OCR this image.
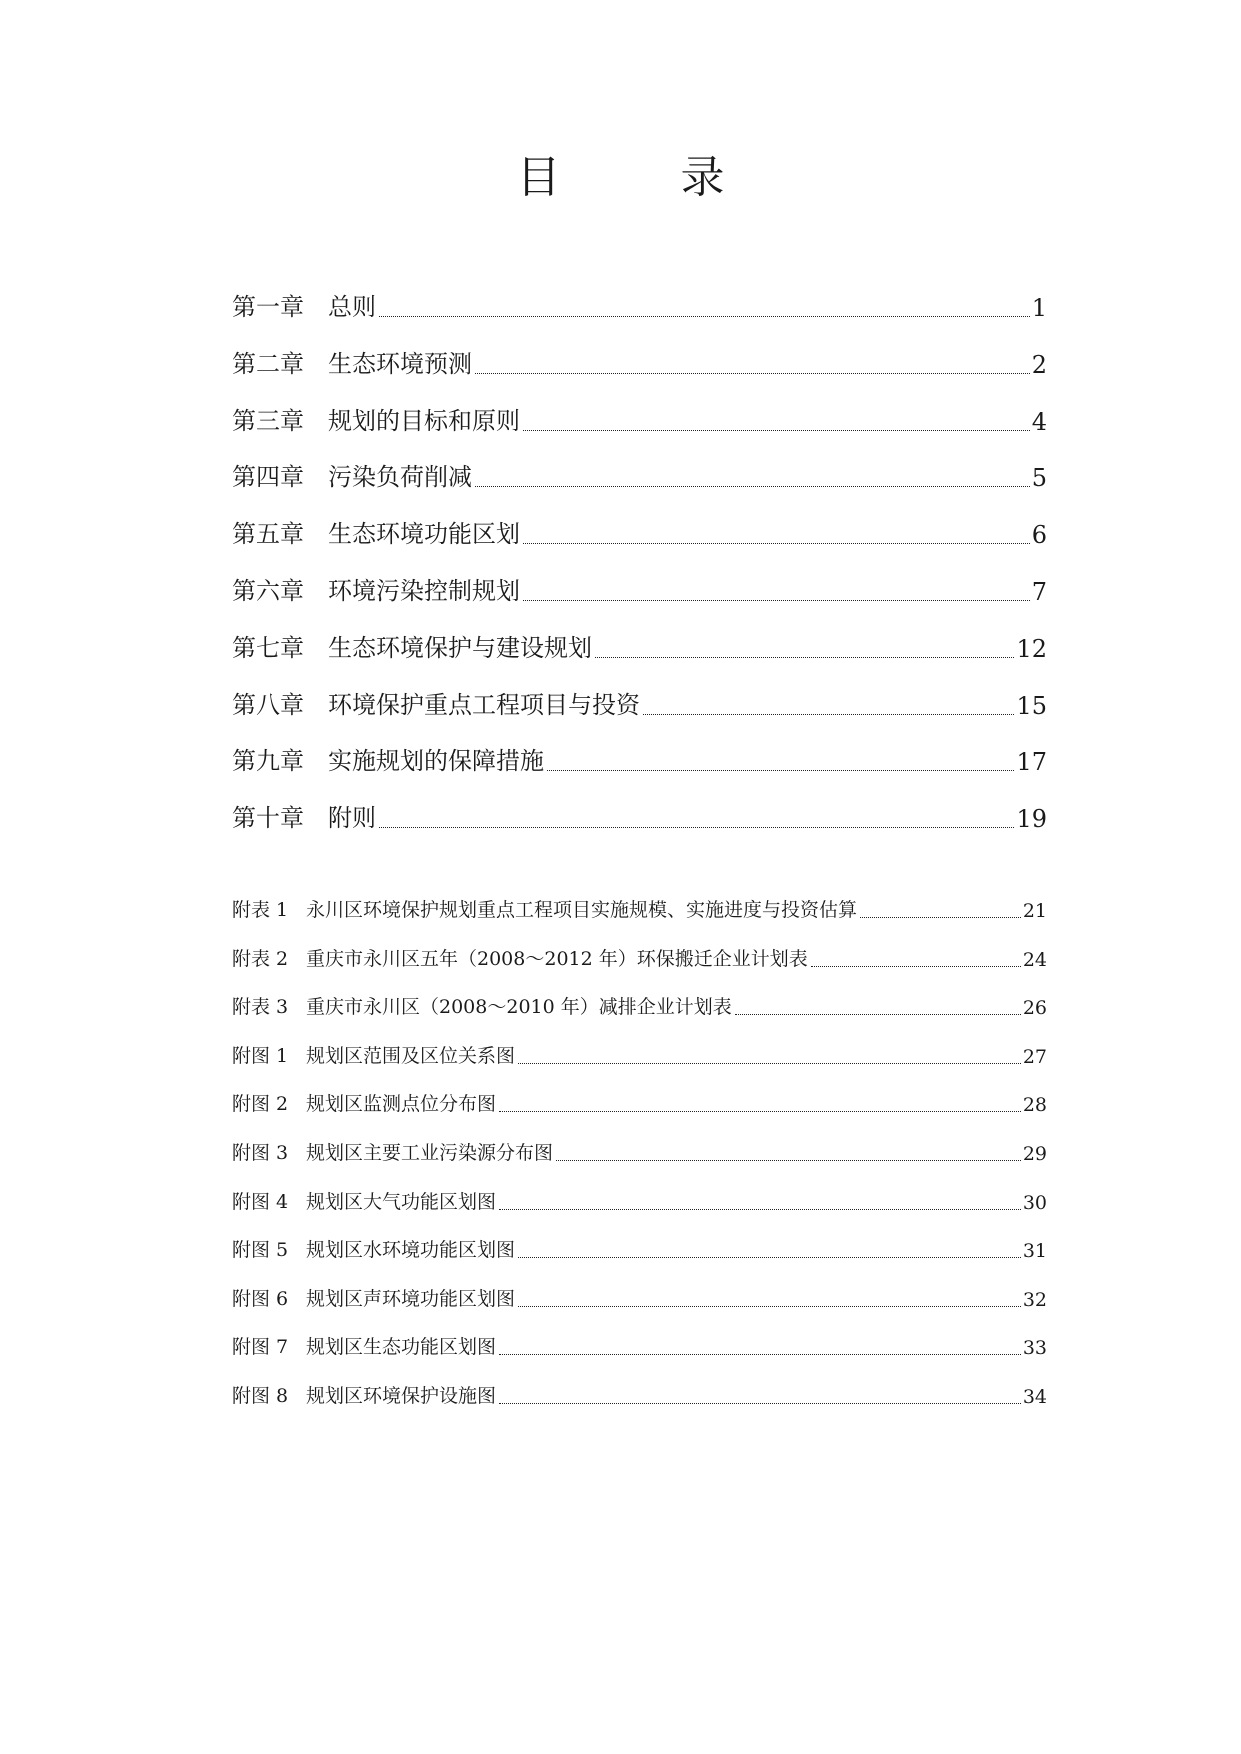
目　录
第一章	总则	1
第二章	生态环境预测	2
第三章	规划的目标和原则	4
第四章	污染负荷削减	5
第五章	生态环境功能区划	6
第六章	环境污染控制规划	7
第七章	生态环境保护与建设规划	12
第八章	环境保护重点工程项目与投资	15
第九章	实施规划的保障措施	17
第十章	附则	19
附表 1 永川区环境保护规划重点工程项目实施规模、实施进度与投资估算	21
附表 2 重庆市永川区五年（2008～2012 年）环保搬迁企业计划表	24
附表 3 重庆市永川区（2008～2010 年）减排企业计划表	26
附图 1 规划区范围及区位关系图	27
附图 2 规划区监测点位分布图	28
附图 3 规划区主要工业污染源分布图	29
附图 4 规划区大气功能区划图	30
附图 5 规划区水环境功能区划图	31
附图 6 规划区声环境功能区划图	32
附图 7 规划区生态功能区划图	33
附图 8 规划区环境保护设施图	34
